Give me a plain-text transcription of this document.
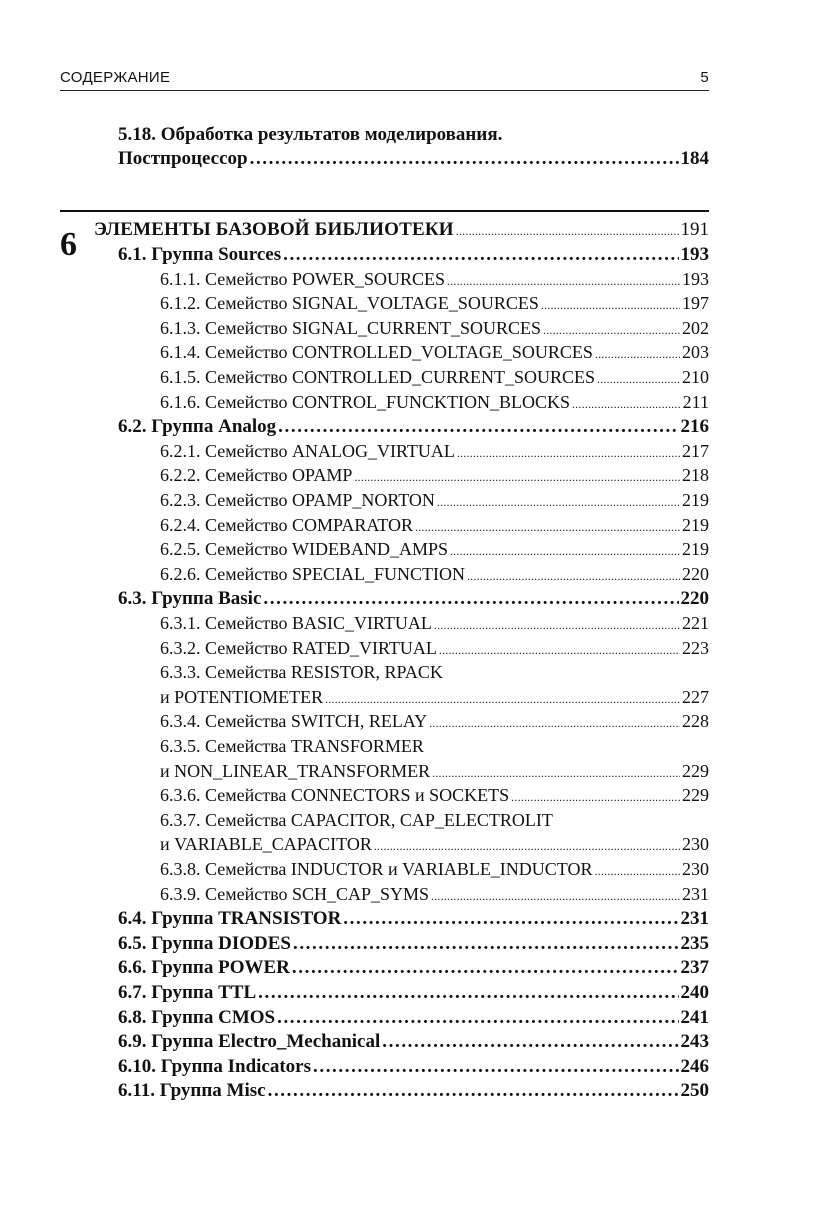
СОДЕРЖАНИЕ	5
5.18. Обработка результатов моделирования.
Постпроцессор .....	184
6 ЭЛЕМЕНТЫ БАЗОВОЙ БИБЛИОТЕКИ .....	191
6.1. Группа Sources .....	193
6.1.1. Семейство POWER_SOURCES .....	193
6.1.2. Семейство SIGNAL_VOLTAGE_SOURCES .....	197
6.1.3. Семейство SIGNAL_CURRENT_SOURCES .....	202
6.1.4. Семейство CONTROLLED_VOLTAGE_SOURCES .....	203
6.1.5. Семейство CONTROLLED_CURRENT_SOURCES .....	210
6.1.6. Семейство CONTROL_FUNCKTION_BLOCKS .....	211
6.2. Группа Analog .....	216
6.2.1. Семейство ANALOG_VIRTUAL .....	217
6.2.2. Семейство OPAMP .....	218
6.2.3. Семейство OPAMP_NORTON .....	219
6.2.4. Семейство COMPARATOR .....	219
6.2.5. Семейство WIDEBAND_AMPS .....	219
6.2.6. Семейство SPECIAL_FUNCTION .....	220
6.3. Группа Basic .....	220
6.3.1. Семейство BASIC_VIRTUAL .....	221
6.3.2. Семейство RATED_VIRTUAL .....	223
6.3.3. Семейства RESISTOR, RPACK
и POTENTIOMETER .....	227
6.3.4. Семейства SWITCH, RELAY .....	228
6.3.5. Семейства TRANSFORMER
и NON_LINEAR_TRANSFORMER .....	229
6.3.6. Семейства CONNECTORS и SOCKETS .....	229
6.3.7. Семейства CAPACITOR, CAP_ELECTROLIT
и VARIABLE_CAPACITOR .....	230
6.3.8. Семейства INDUCTOR и VARIABLE_INDUCTOR .....	230
6.3.9. Семейство SCH_CAP_SYMS .....	231
6.4. Группа TRANSISTOR .....	231
6.5. Группа DIODES .....	235
6.6. Группа POWER .....	237
6.7. Группа TTL .....	240
6.8. Группа CMOS .....	241
6.9. Группа Electro_Mechanical .....	243
6.10. Группа Indicators .....	246
6.11. Группа Misc .....	250
